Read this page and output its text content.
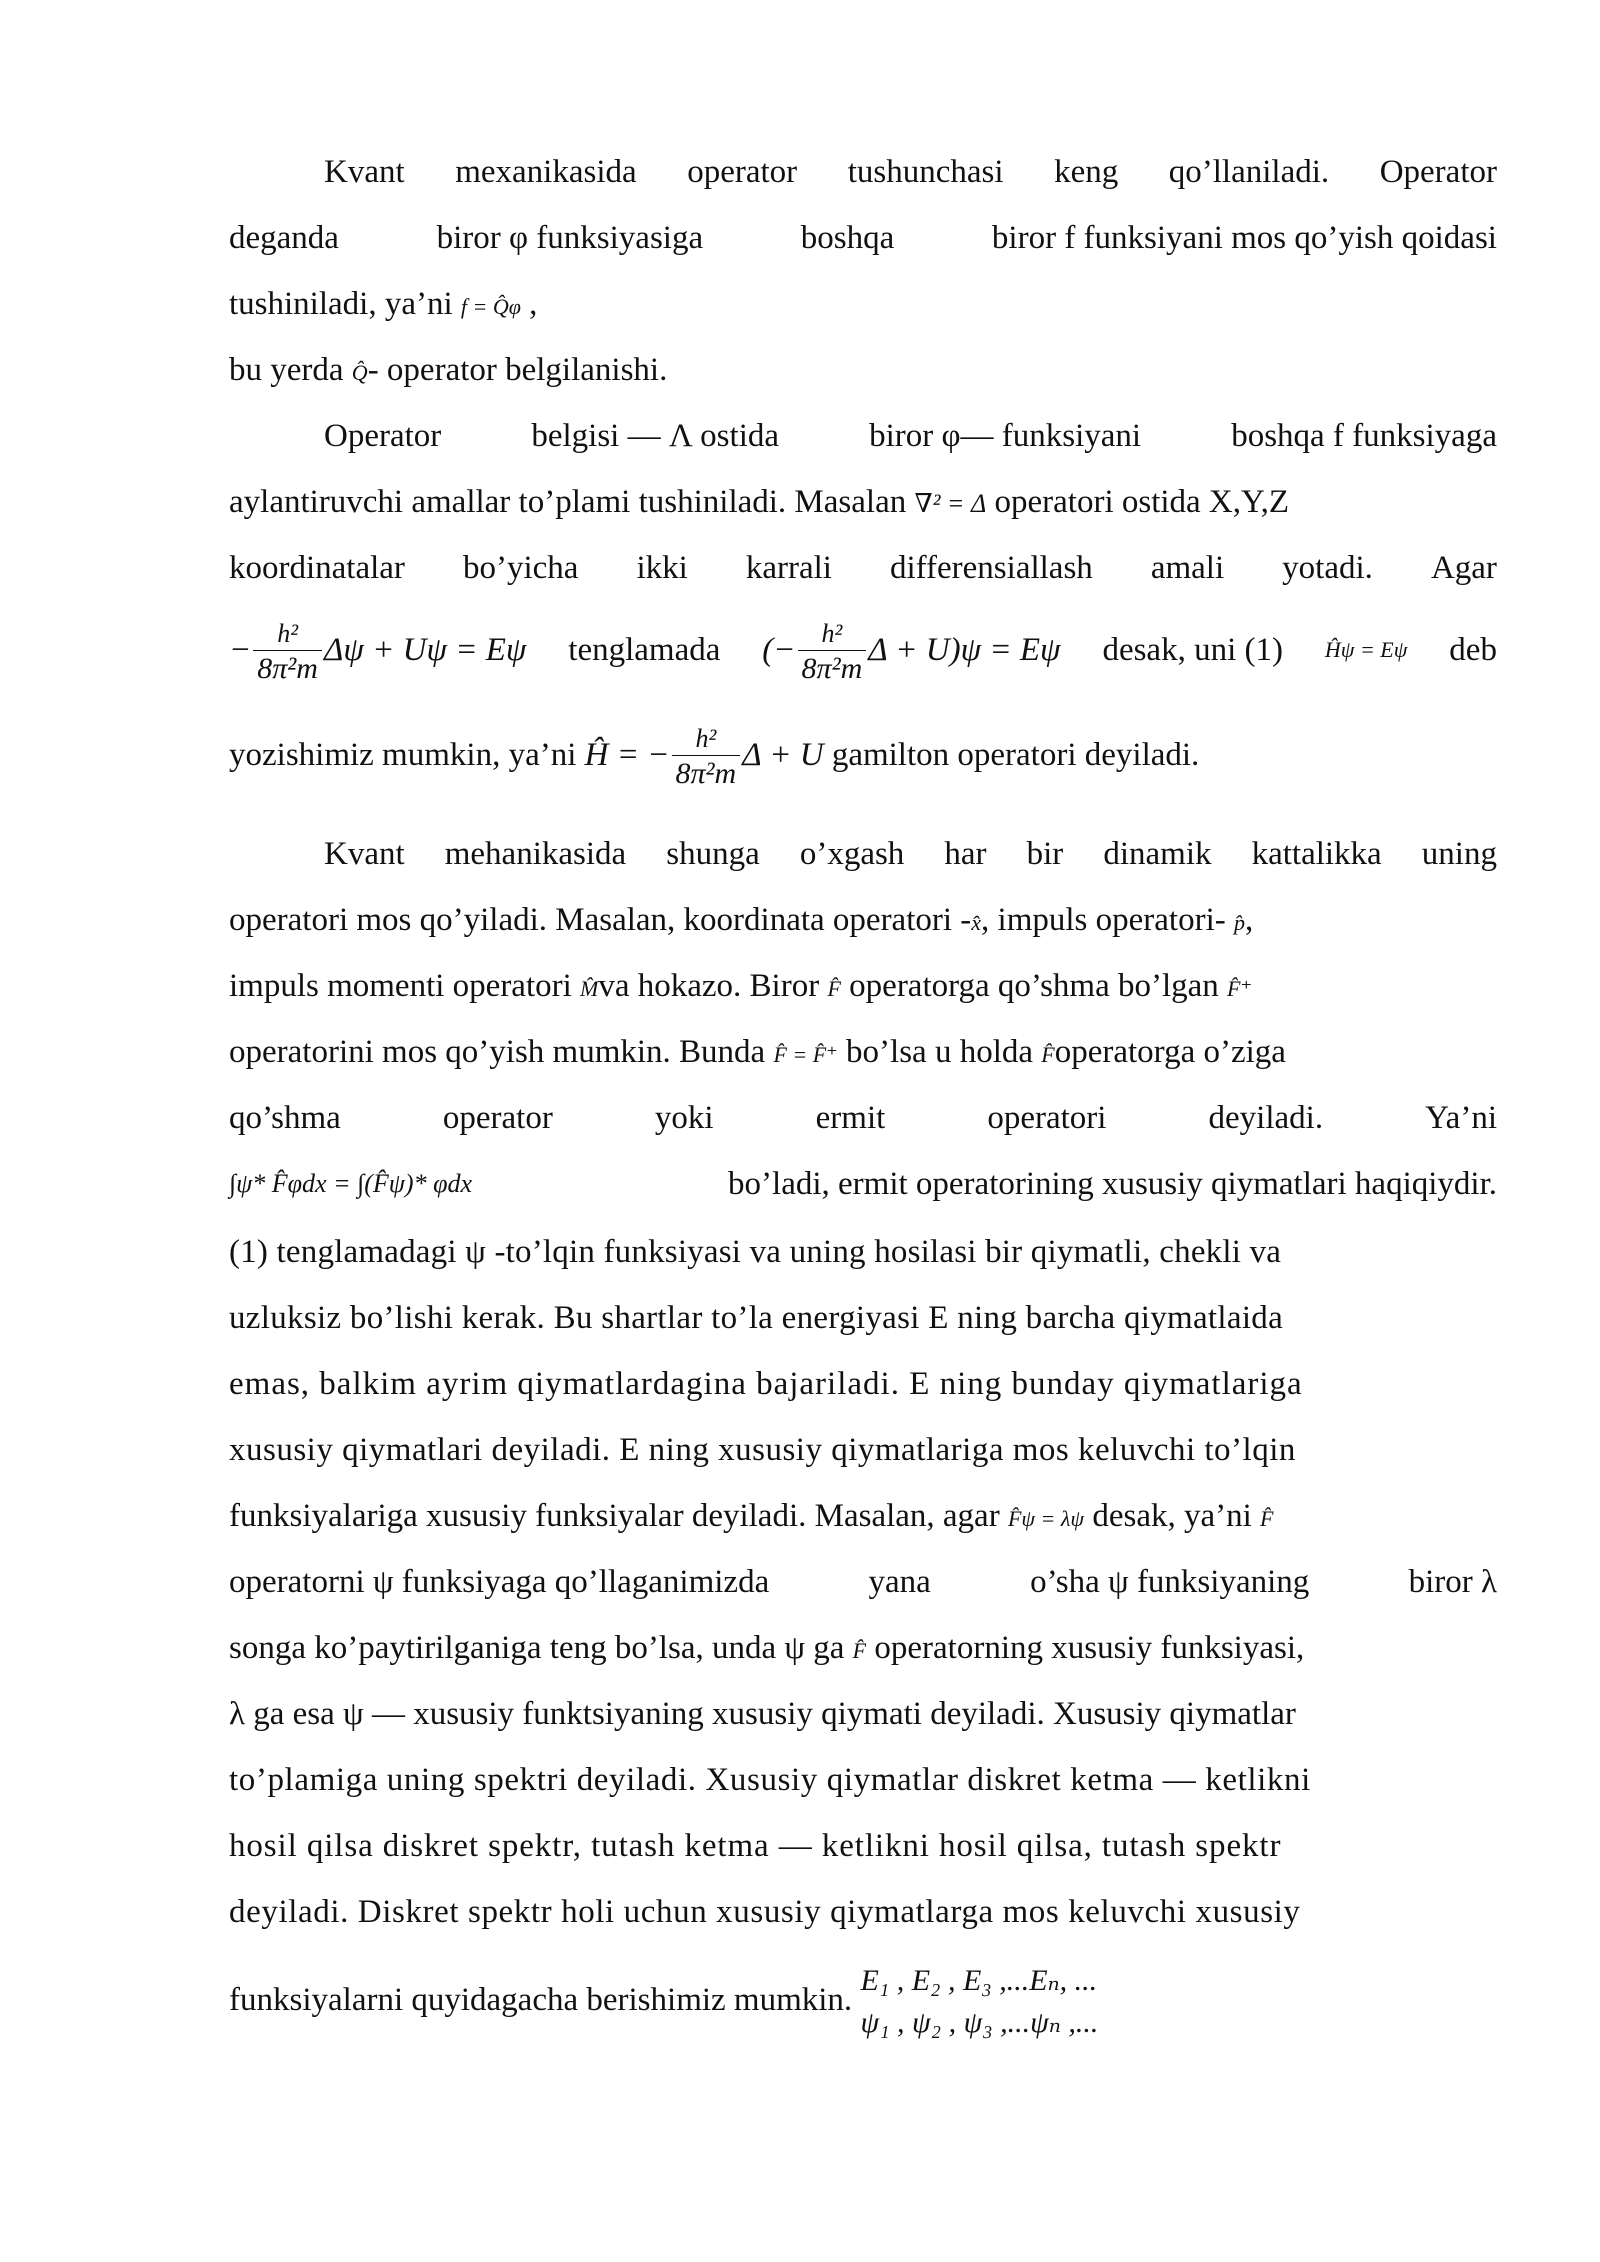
Kvant mexanikasida operator tushunchasi keng qo’llaniladi. Operator
deganda	biror φ funksiyasiga	boshqa	biror f funksiyani mos qo’yish qoidasi
tushiniladi, ya’ni f = Q̂φ ,
bu yerda Q̂- operator belgilanishi.
Operator	belgisi — Λ ostida	biror φ— funksiyani	boshqa f funksiyaga
aylantiruvchi amallar to’plami tushiniladi. Masalan ∇² = Δ operatori ostida X,Y,Z
koordinatalar bo’yicha ikki karrali differensiallash amali yotadi. Agar
− $\frac{\text{h²}}{\text{8π²m}}$ Δψ + Uψ = Eψ tenglamada (− $\frac{\text{h²}}{\text{8π²m}}$ Δ + U)ψ = Eψ desak, uni (1) Ĥψ = Eψ deb
yozishimiz mumkin, ya’ni Ĥ = − $\frac{\text{h²}}{\text{8π²m}}$ Δ + U gamilton operatori deyiladi.
Kvant mehanikasida shunga o’xgash har bir dinamik kattalikka uning
operatori mos qo’yiladi. Masalan, koordinata operatori -x̂, impuls operatori- p̂,
impuls momenti operatori M̂va hokazo. Biror F̂ operatorga qo’shma bo’lgan F̂⁺
operatorini mos qo’yish mumkin. Bunda F̂ = F̂⁺ bo’lsa u holda F̂operatorga o’ziga
qo’shma	operator	yoki	ermit	operatori	deyiladi.	Ya’ni
∫ψ* F̂φdx = ∫(F̂ψ)* φdx	bo’ladi, ermit operatorining xususiy qiymatlari haqiqiydir.
(1) tenglamadagi ψ -to’lqin funksiyasi va uning hosilasi bir qiymatli, chekli va
uzluksiz bo’lishi kerak. Bu shartlar to’la energiyasi E ning barcha qiymatlaida
emas, balkim ayrim qiymatlardagina bajariladi. E ning bunday qiymatlariga
xususiy qiymatlari deyiladi. E ning xususiy qiymatlariga mos keluvchi to’lqin
funksiyalariga xususiy funksiyalar deyiladi. Masalan, agar F̂ψ = λψ desak, ya’ni F̂
operatorni ψ funksiyaga qo’llaganimizda	yana	o’sha ψ funksiyaning	biror λ
songa ko’paytirilganiga teng bo’lsa, unda ψ ga F̂ operatorning xususiy funksiyasi,
λ ga esa ψ — xususiy funktsiyaning xususiy qiymati deyiladi. Xususiy qiymatlar
to’plamiga uning spektri deyiladi. Xususiy qiymatlar diskret ketma — ketlikni
hosil qilsa diskret spektr, tutash ketma — ketlikni hosil qilsa, tutash spektr
deyiladi. Diskret spektr holi uchun xususiy qiymatlarga mos keluvchi xususiy
funksiyalarni quyidagacha berishimiz mumkin.
E₁ , E₂ , E₃ ,...Eₙ, ...
ψ₁ , ψ₂ , ψ₃ ,...ψₙ ,...
